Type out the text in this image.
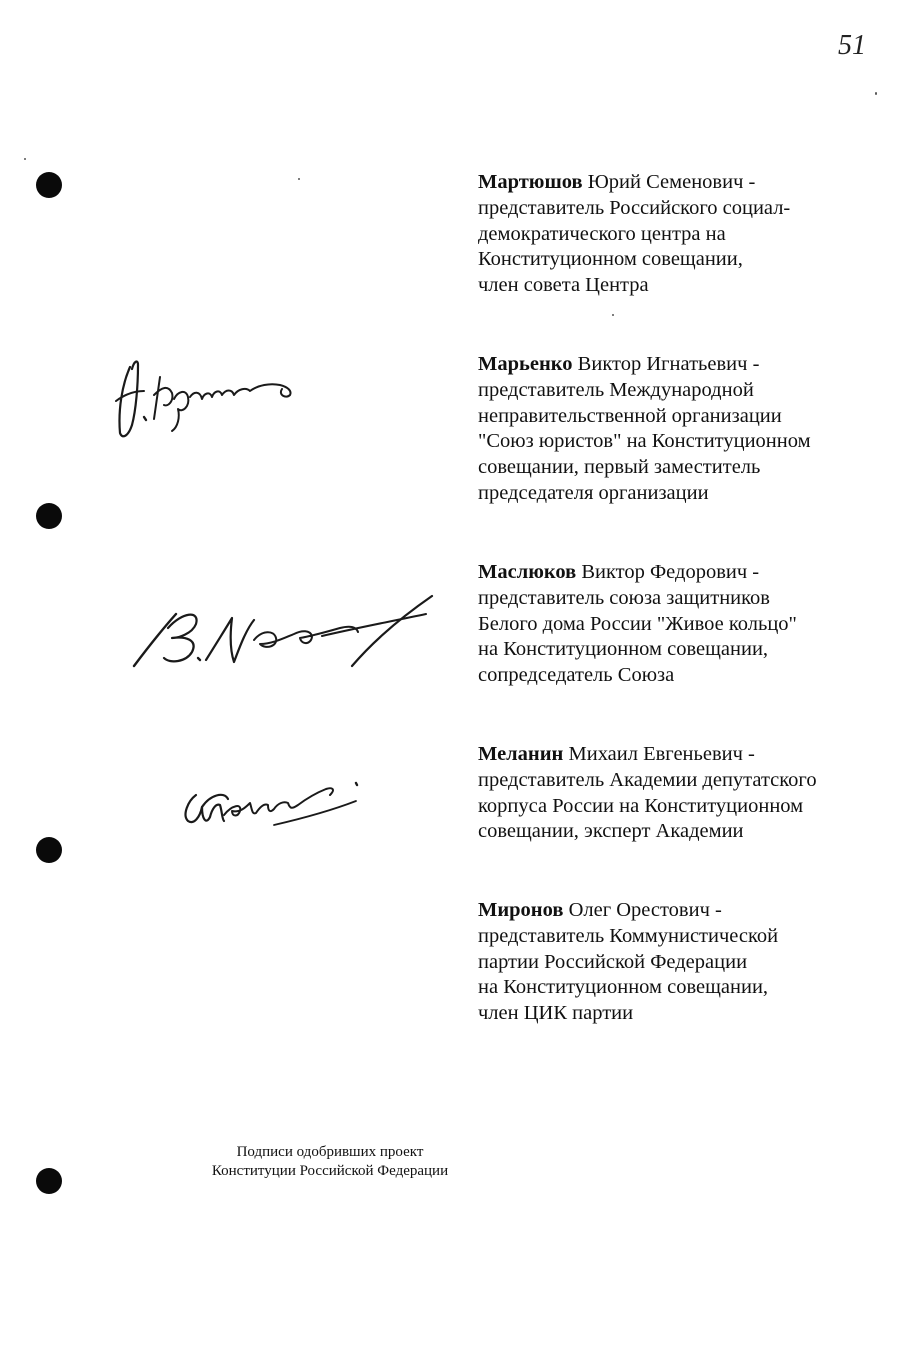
51
Мартюшов Юрий Семенович -
представитель Российского социал-
демократического центра на
Конституционном совещании,
член совета Центра
Марьенко Виктор Игнатьевич -
представитель Международной
неправительственной организации
"Союз юристов" на Конституционном
совещании, первый заместитель
председателя организации
Маслюков Виктор Федорович -
представитель союза защитников
Белого дома России "Живое кольцо"
на Конституционном совещании,
сопредседатель Союза
Меланин Михаил Евгеньевич -
представитель Академии депутатского
корпуса России на Конституционном
совещании, эксперт Академии
Миронов Олег Орестович -
представитель Коммунистической
партии Российской Федерации
на Конституционном совещании,
член ЦИК партии
Подписи одобривших проект
Конституции Российской Федерации
